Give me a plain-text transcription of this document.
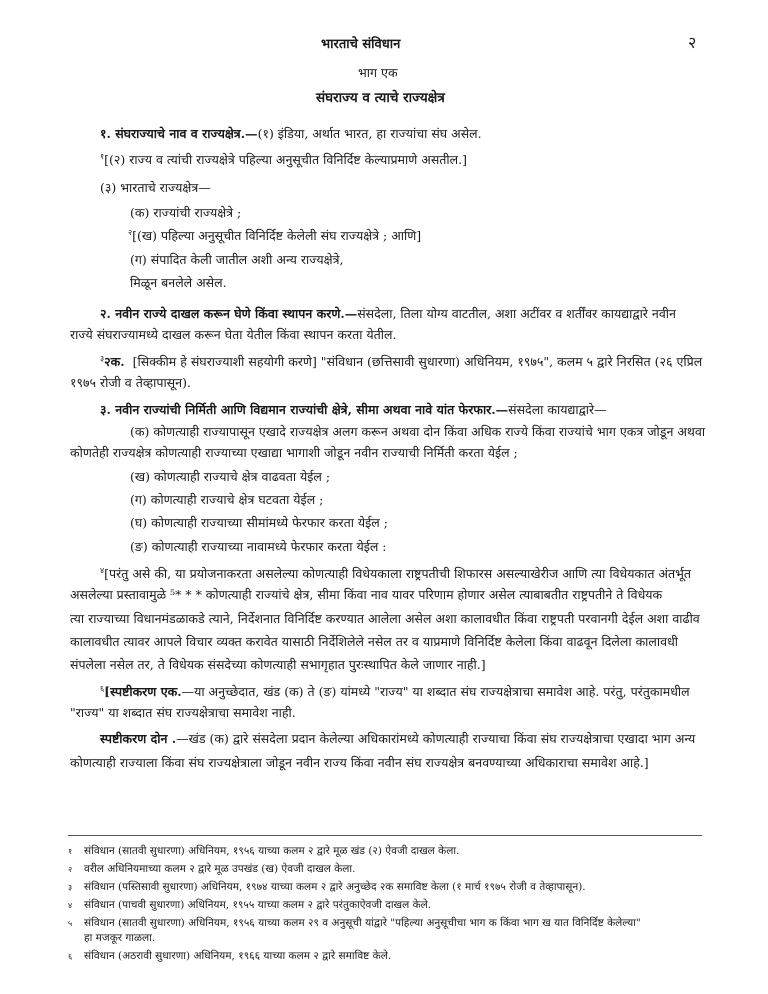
भारताचे संविधान	२
भाग एक
संघराज्य व त्याचे राज्यक्षेत्र
१. संघराज्याचे नाव व राज्यक्षेत्र.—(१) इंडिया, अर्थात भारत, हा राज्यांचा संघ असेल.
$^१$[(२) राज्य व त्यांची राज्यक्षेत्रे पहिल्या अनुसूचीत विनिर्दिष्ट केल्याप्रमाणे असतील.]
(३) भारताचे राज्यक्षेत्र—
(क) राज्यांची राज्यक्षेत्रे ;
$^२$[(ख) पहिल्या अनुसूचीत विनिर्दिष्ट केलेली संघ राज्यक्षेत्रे ; आणि]
(ग) संपादित केली जातील अशी अन्य राज्यक्षेत्रे,
मिळून बनलेले असेल.
२. नवीन राज्ये दाखल करून घेणे किंवा स्थापन करणे.—संसदेला, तिला योग्य वाटतील, अशा अटींवर व शर्तींवर कायद्याद्वारे नवीन
राज्ये संघराज्यामध्ये दाखल करून घेता येतील किंवा स्थापन करता येतील.
$^३$२क. [सिक्कीम हे संघराज्याशी सहयोगी करणे] "संविधान (छत्तिसावी सुधारणा) अधिनियम, १९७५", कलम ५ द्वारे निरसित (२६ एप्रिल
१९७५ रोजी व तेव्हापासून).
३. नवीन राज्यांची निर्मिती आणि विद्यमान राज्यांची क्षेत्रे, सीमा अथवा नावे यांत फेरफार.—संसदेला कायद्याद्वारे—
(क) कोणत्याही राज्यापासून एखादे राज्यक्षेत्र अलग करून अथवा दोन किंवा अधिक राज्ये किंवा राज्यांचे भाग एकत्र जोडून अथवा
कोणतेही राज्यक्षेत्र कोणत्याही राज्याच्या एखाद्या भागाशी जोडून नवीन राज्याची निर्मिती करता येईल ;
(ख) कोणत्याही राज्याचे क्षेत्र वाढवता येईल ;
(ग) कोणत्याही राज्याचे क्षेत्र घटवता येईल ;
(घ) कोणत्याही राज्याच्या सीमांमध्ये फेरफार करता येईल ;
(ङ) कोणत्याही राज्याच्या नावामध्ये फेरफार करता येईल :
$^४$[परंतु असे की, या प्रयोजनाकरता असलेल्या कोणत्याही विधेयकाला राष्ट्रपतीची शिफारस असल्याखेरीज आणि त्या विधेयकात अंतर्भूत
असलेल्या प्रस्तावामुळे ⁵* * * कोणत्याही राज्यांचे क्षेत्र, सीमा किंवा नाव यावर परिणाम होणार असेल त्याबाबतीत राष्ट्रपतीने ते विधेयक
त्या राज्याच्या विधानमंडळाकडे त्याने, निर्देशनात विनिर्दिष्ट करण्यात आलेला असेल अशा कालावधीत किंवा राष्ट्रपती परवानगी देईल अशा वाढीव
कालावधीत त्यावर आपले विचार व्यक्त करावेत यासाठी निर्देशिलेले नसेल तर व याप्रमाणे विनिर्दिष्ट केलेला किंवा वाढवून दिलेला कालावधी
संपलेला नसेल तर, ते विधेयक संसदेच्या कोणत्याही सभागृहात पुरःस्थापित केले जाणार नाही.]
$^६$[स्पष्टीकरण एक.—या अनुच्छेदात, खंड (क) ते (ङ) यांमध्ये "राज्य" या शब्दात संघ राज्यक्षेत्राचा समावेश आहे. परंतु, परंतुकामधील
"राज्य" या शब्दात संघ राज्यक्षेत्राचा समावेश नाही.
स्पष्टीकरण दोन .—खंड (क) द्वारे संसदेला प्रदान केलेल्या अधिकारांमध्ये कोणत्याही राज्याचा किंवा संघ राज्यक्षेत्राचा एखादा भाग अन्य
कोणत्याही राज्याला किंवा संघ राज्यक्षेत्राला जोडून नवीन राज्य किंवा नवीन संघ राज्यक्षेत्र बनवण्याच्या अधिकाराचा समावेश आहे.]
१ संविधान (सातवी सुधारणा) अधिनियम, १९५६ याच्या कलम २ द्वारे मूळ खंड (२) ऐवजी दाखल केला.
२ वरील अधिनियमाच्या कलम २ द्वारे मूळ उपखंड (ख) ऐवजी दाखल केला.
३ संविधान (पस्तिसावी सुधारणा) अधिनियम, १९७४ याच्या कलम २ द्वारे अनुच्छेद २क समाविष्ट केला (१ मार्च १९७५ रोजी व तेव्हापासून).
४ संविधान (पाचवी सुधारणा) अधिनियम, १९५५ याच्या कलम २ द्वारे परंतुकाऐवजी दाखल केले.
५ संविधान (सातवी सुधारणा) अधिनियम, १९५६ याच्या कलम २९ व अनुसूची यांद्वारे "पहिल्या अनुसूचीचा भाग क किंवा भाग ख यात विनिर्दिष्ट केलेल्या"
हा मजकूर गाळला.
६ संविधान (अठरावी सुधारणा) अधिनियम, १९६६ याच्या कलम २ द्वारे समाविष्ट केले.
